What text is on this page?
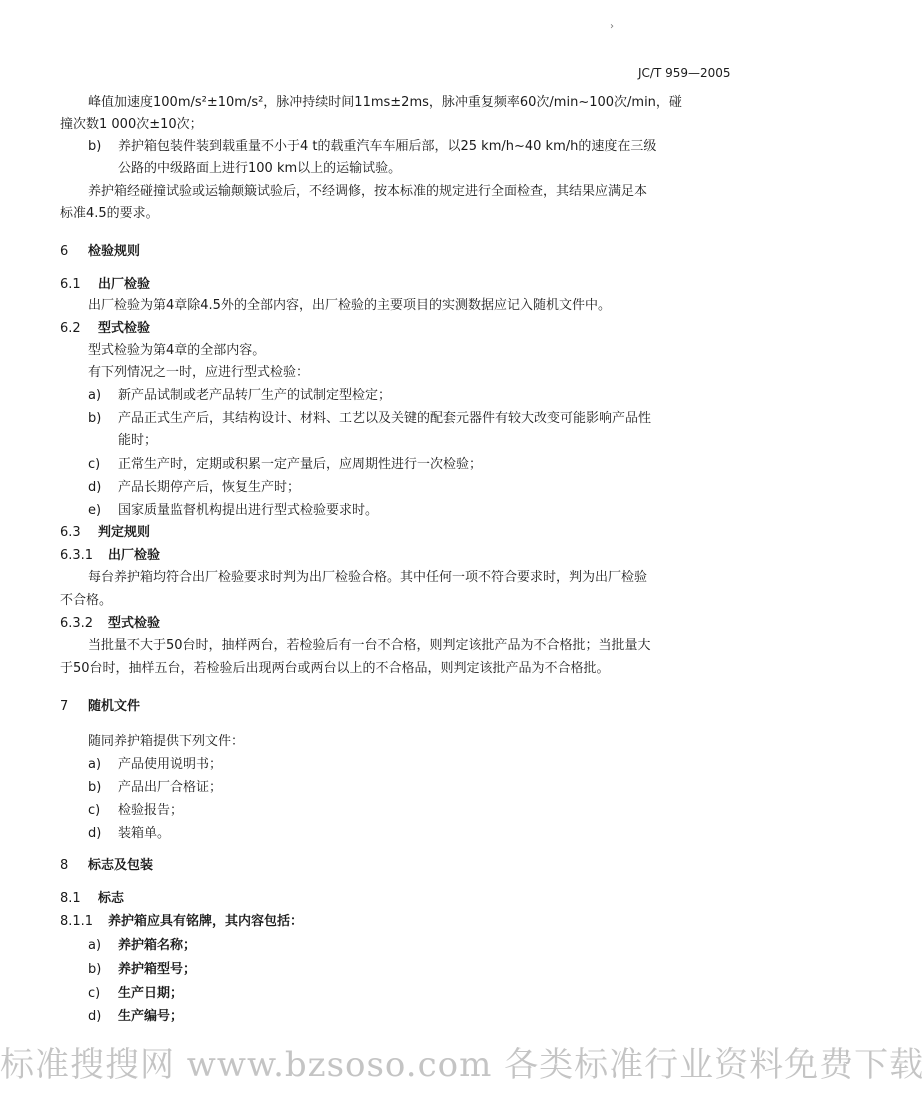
›
JC/T 959—2005
峰值加速度100m/s²±10m/s²，脉冲持续时间11ms±2ms，脉冲重复频率60次/min~100次/min，碰
撞次数1 000次±10次；
b) 养护箱包装件装到载重量不小于4 t的载重汽车车厢后部，以25 km/h~40 km/h的速度在三级
公路的中级路面上进行100 km以上的运输试验。
养护箱经碰撞试验或运输颠簸试验后，不经调修，按本标准的规定进行全面检查，其结果应满足本
标准4.5的要求。
6 检验规则
6.1 出厂检验
出厂检验为第4章除4.5外的全部内容，出厂检验的主要项目的实测数据应记入随机文件中。
6.2 型式检验
型式检验为第4章的全部内容。
有下列情况之一时，应进行型式检验：
a) 新产品试制或老产品转厂生产的试制定型检定；
b) 产品正式生产后，其结构设计、材料、工艺以及关键的配套元器件有较大改变可能影响产品性
能时；
c) 正常生产时，定期或积累一定产量后，应周期性进行一次检验；
d) 产品长期停产后，恢复生产时；
e) 国家质量监督机构提出进行型式检验要求时。
6.3 判定规则
6.3.1 出厂检验
每台养护箱均符合出厂检验要求时判为出厂检验合格。其中任何一项不符合要求时，判为出厂检验
不合格。
6.3.2 型式检验
当批量不大于50台时，抽样两台，若检验后有一台不合格，则判定该批产品为不合格批；当批量大
于50台时，抽样五台，若检验后出现两台或两台以上的不合格品，则判定该批产品为不合格批。
7 随机文件
随同养护箱提供下列文件：
a) 产品使用说明书；
b) 产品出厂合格证；
c) 检验报告；
d) 装箱单。
8 标志及包装
8.1 标志
8.1.1 养护箱应具有铭牌，其内容包括：
a) 养护箱名称；
b) 养护箱型号；
c) 生产日期；
d) 生产编号；
标准搜搜网 www.bzsoso.com 各类标准行业资料免费下载
